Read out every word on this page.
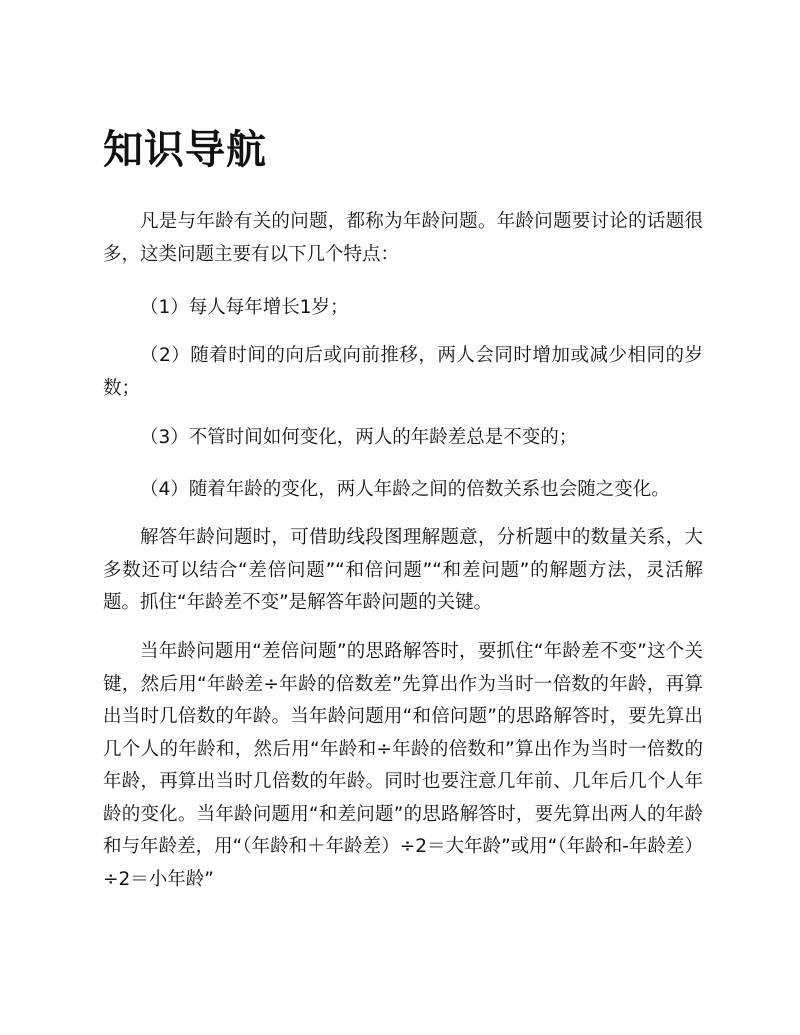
知识导航

凡是与年龄有关的问题，都称为年龄问题。年龄问题要讨论的话题很多，这类问题主要有以下几个特点：

（1）每人每年增长1岁；

（2）随着时间的向后或向前推移，两人会同时增加或减少相同的岁数；

（3）不管时间如何变化，两人的年龄差总是不变的；

（4）随着年龄的变化，两人年龄之间的倍数关系也会随之变化。

解答年龄问题时，可借助线段图理解题意，分析题中的数量关系，大多数还可以结合“差倍问题”“和倍问题”“和差问题”的解题方法，灵活解题。抓住“年龄差不变”是解答年龄问题的关键。

当年龄问题用“差倍问题”的思路解答时，要抓住“年龄差不变”这个关键，然后用“年龄差÷年龄的倍数差”先算出作为当时一倍数的年龄，再算出当时几倍数的年龄。当年龄问题用“和倍问题”的思路解答时，要先算出几个人的年龄和，然后用“年龄和÷年龄的倍数和”算出作为当时一倍数的年龄，再算出当时几倍数的年龄。同时也要注意几年前、几年后几个人年龄的变化。当年龄问题用“和差问题”的思路解答时，要先算出两人的年龄和与年龄差，用“（年龄和＋年龄差）÷2＝大年龄”或用“（年龄和-年龄差）÷2＝小年龄”
